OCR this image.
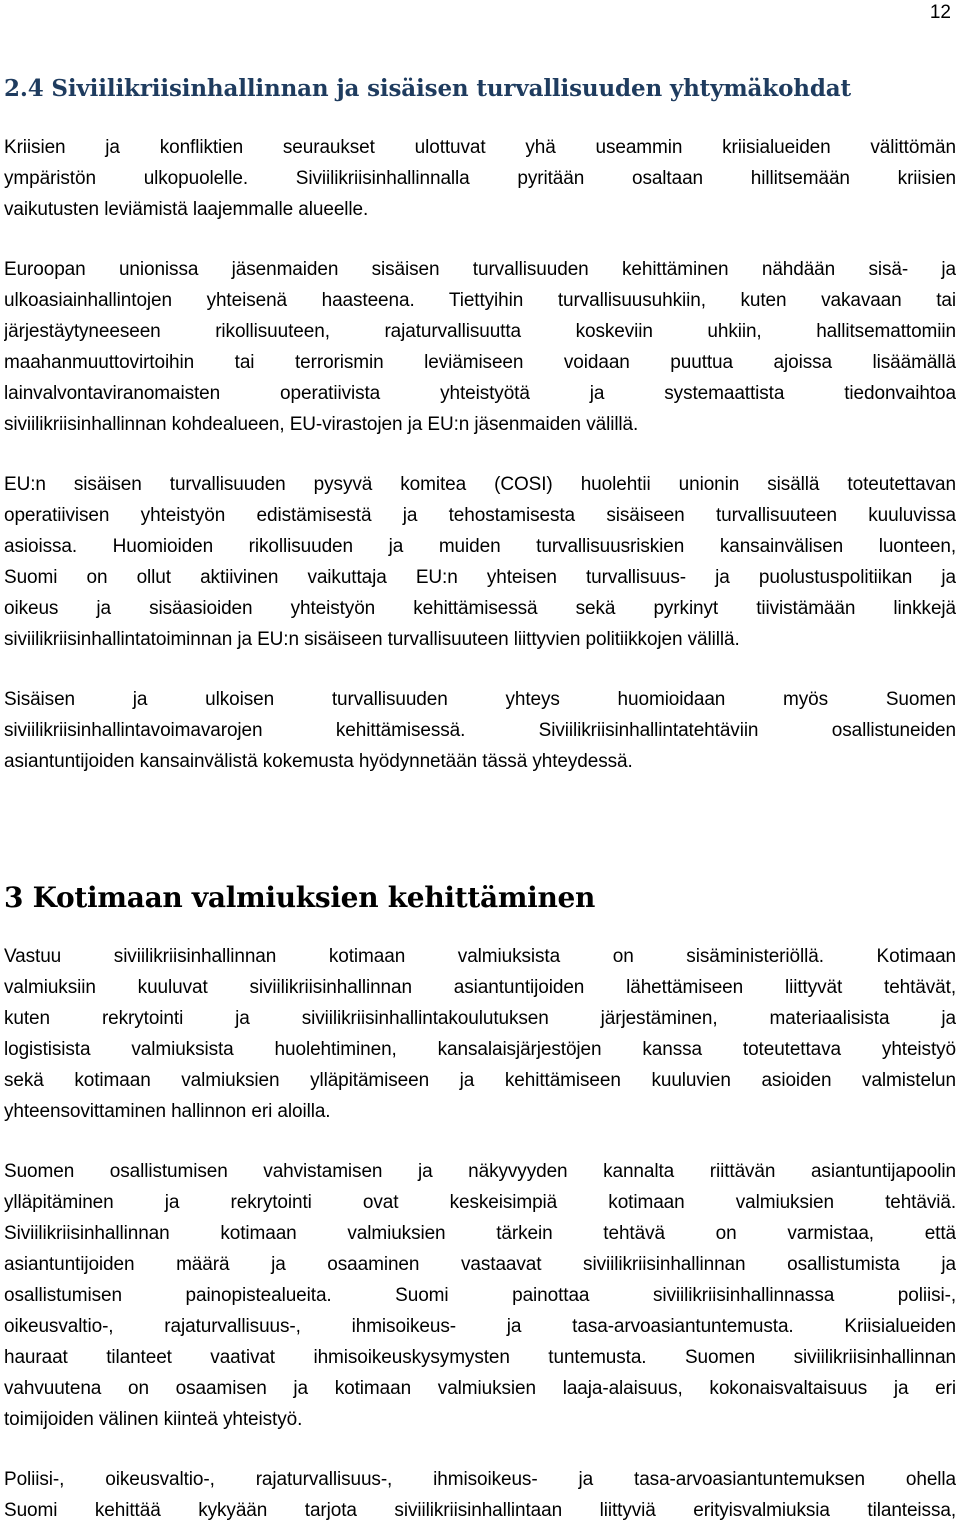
12
2.4 Siviilikriisinhallinnan ja sisäisen turvallisuuden yhtymäkohdat
Kriisien ja konfliktien seuraukset ulottuvat yhä useammin kriisialueiden välittömän
ympäristön ulkopuolelle. Siviilikriisinhallinnalla pyritään osaltaan hillitsemään kriisien
vaikutusten leviämistä laajemmalle alueelle.
Euroopan unionissa jäsenmaiden sisäisen turvallisuuden kehittäminen nähdään sisä- ja
ulkoasiainhallintojen yhteisenä haasteena. Tiettyihin turvallisuusuhkiin, kuten vakavaan tai
järjestäytyneeseen rikollisuuteen, rajaturvallisuutta koskeviin uhkiin, hallitsemattomiin
maahanmuuttovirtoihin tai terrorismin leviämiseen voidaan puuttua ajoissa lisäämällä
lainvalvontaviranomaisten operatiivista yhteistyötä ja systemaattista tiedonvaihtoa
siviilikriisinhallinnan kohdealueen, EU-virastojen ja EU:n jäsenmaiden välillä.
EU:n sisäisen turvallisuuden pysyvä komitea (COSI) huolehtii unionin sisällä toteutettavan
operatiivisen yhteistyön edistämisestä ja tehostamisesta sisäiseen turvallisuuteen kuuluvissa
asioissa. Huomioiden rikollisuuden ja muiden turvallisuusriskien kansainvälisen luonteen,
Suomi on ollut aktiivinen vaikuttaja EU:n yhteisen turvallisuus- ja puolustuspolitiikan ja
oikeus ja sisäasioiden yhteistyön kehittämisessä sekä pyrkinyt tiivistämään linkkejä
siviilikriisinhallintatoiminnan ja EU:n sisäiseen turvallisuuteen liittyvien politiikkojen välillä.
Sisäisen ja ulkoisen turvallisuuden yhteys huomioidaan myös Suomen
siviilikriisinhallintavoimavarojen kehittämisessä. Siviilikriisinhallintatehtäviin osallistuneiden
asiantuntijoiden kansainvälistä kokemusta hyödynnetään tässä yhteydessä.
3 Kotimaan valmiuksien kehittäminen
Vastuu siviilikriisinhallinnan kotimaan valmiuksista on sisäministeriöllä. Kotimaan
valmiuksiin kuuluvat siviilikriisinhallinnan asiantuntijoiden lähettämiseen liittyvät tehtävät,
kuten rekrytointi ja siviilikriisinhallintakoulutuksen järjestäminen, materiaalisista ja
logistisista valmiuksista huolehtiminen, kansalaisjärjestöjen kanssa toteutettava yhteistyö
sekä kotimaan valmiuksien ylläpitämiseen ja kehittämiseen kuuluvien asioiden valmistelun
yhteensovittaminen hallinnon eri aloilla.
Suomen osallistumisen vahvistamisen ja näkyvyyden kannalta riittävän asiantuntijapoolin
ylläpitäminen ja rekrytointi ovat keskeisimpiä kotimaan valmiuksien tehtäviä.
Siviilikriisinhallinnan kotimaan valmiuksien tärkein tehtävä on varmistaa, että
asiantuntijoiden määrä ja osaaminen vastaavat siviilikriisinhallinnan osallistumista ja
osallistumisen painopistealueita. Suomi painottaa siviilikriisinhallinnassa poliisi-,
oikeusvaltio-, rajaturvallisuus-, ihmisoikeus- ja tasa-arvoasiantuntemusta. Kriisialueiden
hauraat tilanteet vaativat ihmisoikeuskysymysten tuntemusta. Suomen siviilikriisinhallinnan
vahvuutena on osaamisen ja kotimaan valmiuksien laaja-alaisuus, kokonaisvaltaisuus ja eri
toimijoiden välinen kiinteä yhteistyö.
Poliisi-, oikeusvaltio-, rajaturvallisuus-, ihmisoikeus- ja tasa-arvoasiantuntemuksen ohella
Suomi kehittää kykyään tarjota siviilikriisinhallintaan liittyviä erityisvalmiuksia tilanteissa,
